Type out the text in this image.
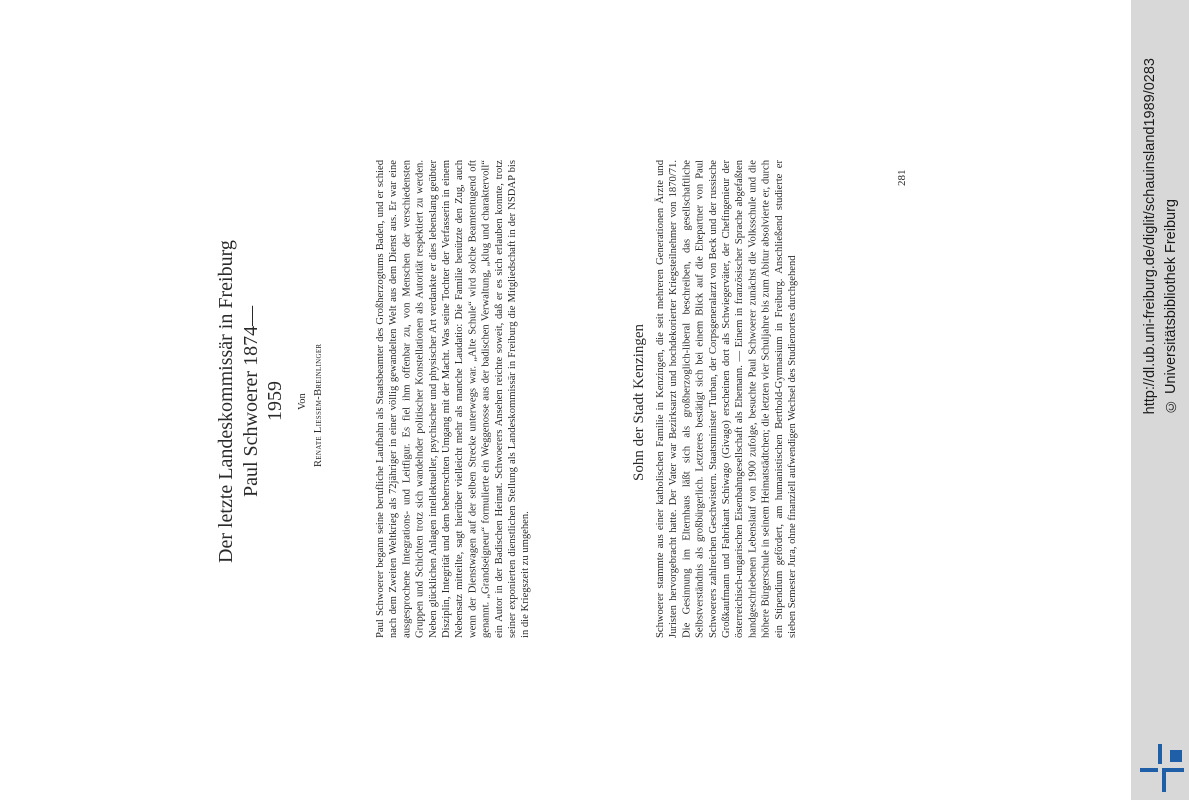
Der letzte Landeskommissär in Freiburg Paul Schwoerer 1874—1959 Von Renate Liessem-Breinlinger	Paul Schwoerer begann seine berufliche Laufbahn als Staatsbeamter des Großherzogtums Baden, und er schied nach dem Zweiten Weltkrieg als 72jähriger in einer völlig gewandelten Welt aus dem Dienst aus. Er war eine ausgesprochene Integrations- und Leitfigur. Es fiel ihm offenbar zu, von Menschen der verschiedensten Gruppen und Schichten trotz sich wandelnder politischer Konstellationen als Autorität respektiert zu werden. Neben glücklichen Anlagen intellektueller, psychischer und physischer Art verdankte er dies lebenslang geübter Disziplin, Integrität und dem beherrschten Umgang mit der Macht. Was seine Tochter der Verfasserin in einem Nebensatz mitteilte, sagt hierüber vielleicht mehr als manche Laudatio: Die Familie benützte den Zug, auch wenn der Dienstwagen auf der selben Strecke unterwegs war. „Alte Schule“ wird solche Beamtentugend oft genannt. „Grandseigneur“ formulierte ein Weggenosse aus der badischen Verwaltung, „klug und charaktervoll“ ein Autor in der Badischen Heimat. Schwoerers Ansehen reichte soweit, daß er es sich erlauben konnte, trotz seiner exponierten dienstlichen Stellung als Landeskommissär in Freiburg die Mitgliedschaft in der NSDAP bis in die Kriegszeit zu umgehen.
Sohn der Stadt Kenzingen Schwoerer stammte aus einer katholischen Familie in Kenzingen, die seit mehreren Generationen Ärzte und Juristen hervorgebracht hatte. Der Vater war Bezirksarzt und hochdekorierter Kriegsteilnehmer von 1870/71. Die Gesinnung im Elternhaus läßt sich als großherzoglich-liberal beschreiben, das gesellschaftliche Selbstverständnis als großbürgerlich. Letzteres bestätigt sich bei einem Blick auf die Ehepartner von Paul Schwoerers zahlreichen Geschwistern. Staatsminister Turban, der Corpsgeneralarzt von Beck und der russische Großkaufmann und Fabrikant Schiwago (Givago) erscheinen dort als Schwiegerväter, der Chefingenieur der österreichisch-ungarischen Eisenbahngesellschaft als Ehemann. — Einem in französischer Sprache abgefaßten handgeschriebenen Lebenslauf von 1900 zufolge, besuchte Paul Schwoerer zunächst die Volksschule und die höhere Bürgerschule in seinem Heimatstädtchen; die letzten vier Schuljahre bis zum Abitur absolvierte er, durch ein Stipendium gefördert, am humanistischen Berthold-Gymnasium in Freiburg. Anschließend studierte er sieben Semester Jura, ohne finanziell aufwendigen Wechsel des Studienortes durchgehend
281	http://dl.ub.uni-freiburg.de/diglit/schauinsland1989/0283 © Universitätsbibliothek Freiburg
